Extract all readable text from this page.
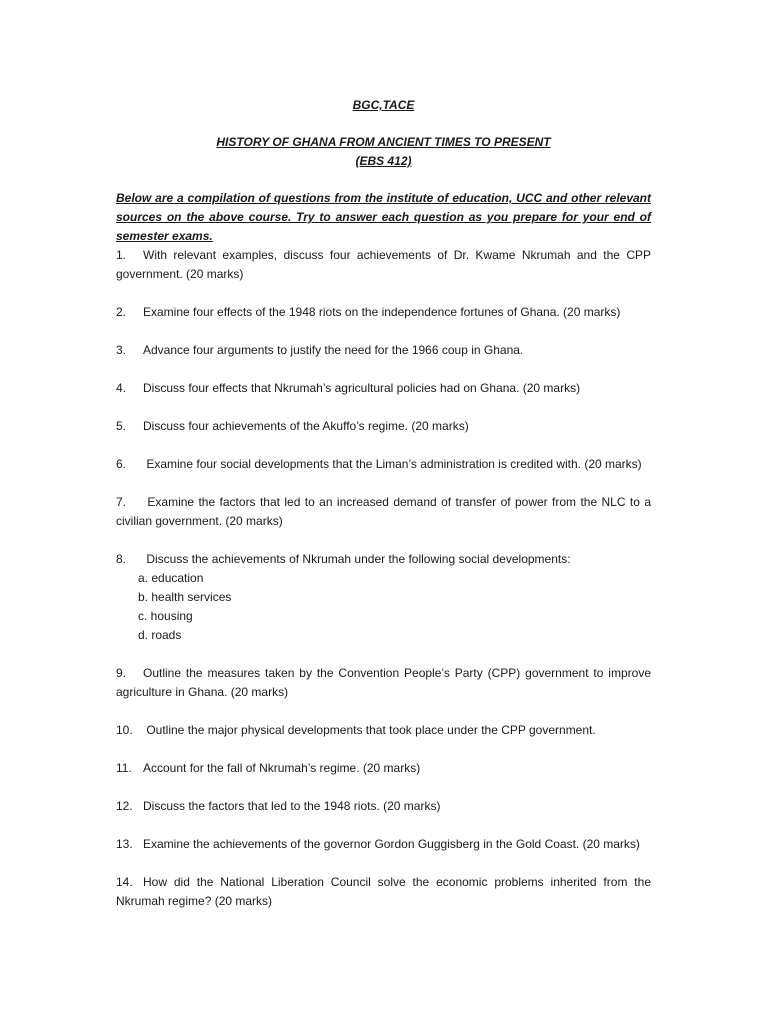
BGC,TACE

HISTORY OF GHANA FROM ANCIENT TIMES TO PRESENT

(EBS 412)

Below are a compilation of questions from the institute of education, UCC and other relevant sources on the above course. Try to answer each question as you prepare for your end of semester exams.

1. With relevant examples, discuss four achievements of Dr. Kwame Nkrumah and the CPP government. (20 marks)

2. Examine four effects of the 1948 riots on the independence fortunes of Ghana. (20 marks)

3. Advance four arguments to justify the need for the 1966 coup in Ghana.

4. Discuss four effects that Nkrumah’s agricultural policies had on Ghana. (20 marks)

5. Discuss four achievements of the Akuffo’s regime. (20 marks)

6. Examine four social developments that the Liman’s administration is credited with. (20 marks)

7. Examine the factors that led to an increased demand of transfer of power from the NLC to a civilian government. (20 marks)

8. Discuss the achievements of Nkrumah under the following social developments:

a. education
b. health services
c. housing
d. roads

9. Outline the measures taken by the Convention People’s Party (CPP) government to improve agriculture in Ghana. (20 marks)

10. Outline the major physical developments that took place under the CPP government.

11. Account for the fall of Nkrumah’s regime. (20 marks)

12. Discuss the factors that led to the 1948 riots. (20 marks)

13. Examine the achievements of the governor Gordon Guggisberg in the Gold Coast. (20 marks)

14. How did the National Liberation Council solve the economic problems inherited from the Nkrumah regime? (20 marks)
